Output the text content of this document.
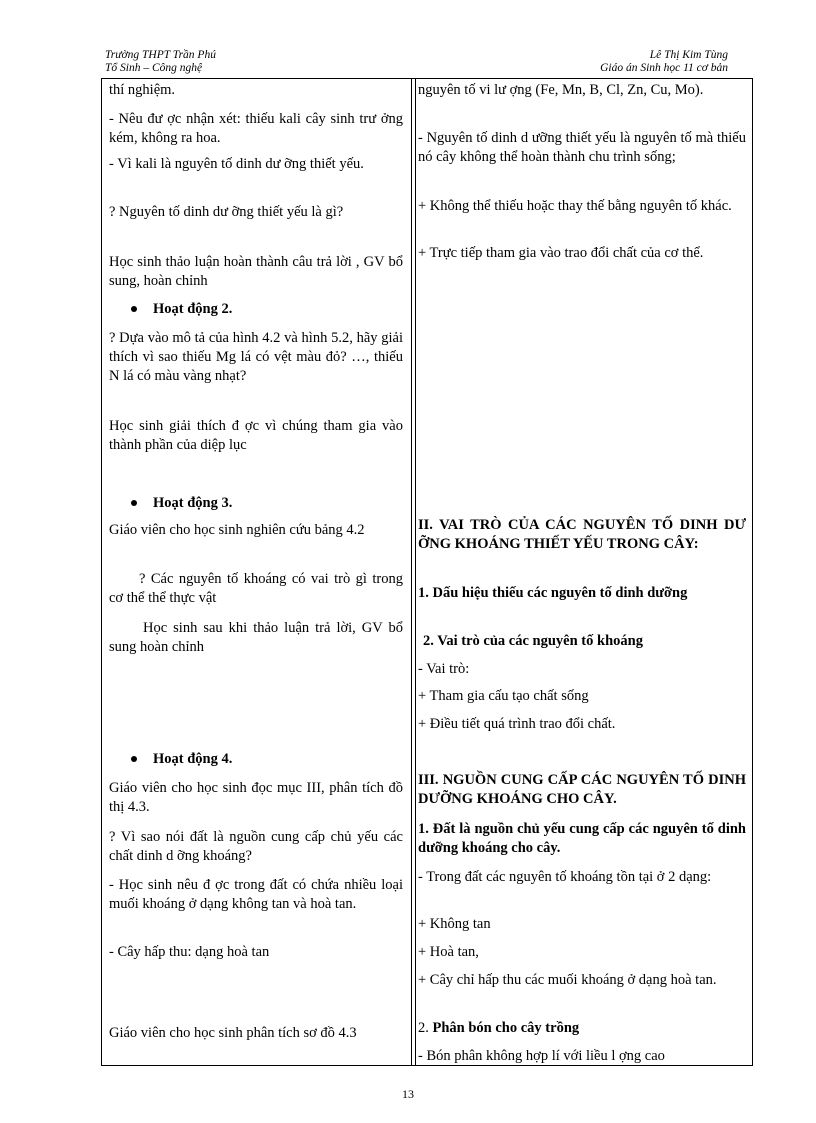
Trường THPT Trần Phú
Tổ Sinh – Công nghệ
Lê Thị Kim Tùng
Giáo án Sinh học 11 cơ bản

thí nghiệm.

- Nêu đư ợc nhận xét: thiếu kali cây sinh trư ởng kém, không ra hoa.

- Vì kali là nguyên tố dinh dư ỡng thiết yếu.

? Nguyên tố dinh dư ỡng thiết yếu là gì?

Học sinh thảo luận hoàn thành câu trả lời , GV bổ sung, hoàn chỉnh

Hoạt động 2.

? Dựa vào mô tả của hình 4.2 và hình 5.2, hãy giải thích vì sao thiếu Mg lá có vệt màu đỏ? …, thiếu N lá có màu vàng nhạt?

Học sinh giải thích đ ợc vì chúng tham gia vào thành phần của diệp lục

Hoạt động 3.

Giáo viên cho học sinh nghiên cứu bảng 4.2

? Các nguyên tố khoáng có vai trò gì trong cơ thể thể thực vật

Học sinh sau khi thảo luận trả lời, GV bổ sung hoàn chỉnh

Hoạt động 4.

Giáo viên cho học sinh đọc mục III, phân tích đồ thị 4.3.

? Vì sao nói đất là nguồn cung cấp chủ yếu các chất dinh d ỡng khoáng?

- Học sinh nêu đ ợc trong đất có chứa nhiều loại muối khoáng ở dạng không tan và hoà tan.

- Cây hấp thu: dạng hoà tan

Giáo viên cho học sinh phân tích sơ đồ 4.3

nguyên tố vi lư ợng (Fe, Mn, B, Cl, Zn, Cu, Mo).

- Nguyên tố dinh d ưỡng thiết yếu là nguyên tố mà thiếu nó cây không thể hoàn thành chu trình sống;

+ Không thể thiếu hoặc thay thế bằng nguyên tố khác.

+ Trực tiếp tham gia vào trao đổi chất của cơ thể.

II. VAI TRÒ CỦA CÁC NGUYÊN TỐ DINH DƯ ỠNG KHOÁNG THIẾT YẾU TRONG CÂY:

1. Dấu hiệu thiếu các nguyên tố dinh dưỡng

2. Vai trò của các nguyên tố khoáng

- Vai trò:

+ Tham gia cấu tạo chất sống

+ Điều tiết quá trình trao đổi chất.

III. NGUỒN CUNG CẤP CÁC NGUYÊN TỐ DINH DƯỠNG KHOÁNG CHO CÂY.

1. Đất là nguồn chủ yếu cung cấp các nguyên tố dinh dưỡng khoáng cho cây.

- Trong đất các nguyên tố khoáng tồn tại ở 2 dạng:

+ Không tan

+ Hoà tan,

+ Cây chỉ hấp thu các muối khoáng ở dạng hoà tan.

2. Phân bón cho cây trồng

- Bón phân không hợp lí với liều l ợng cao

13
